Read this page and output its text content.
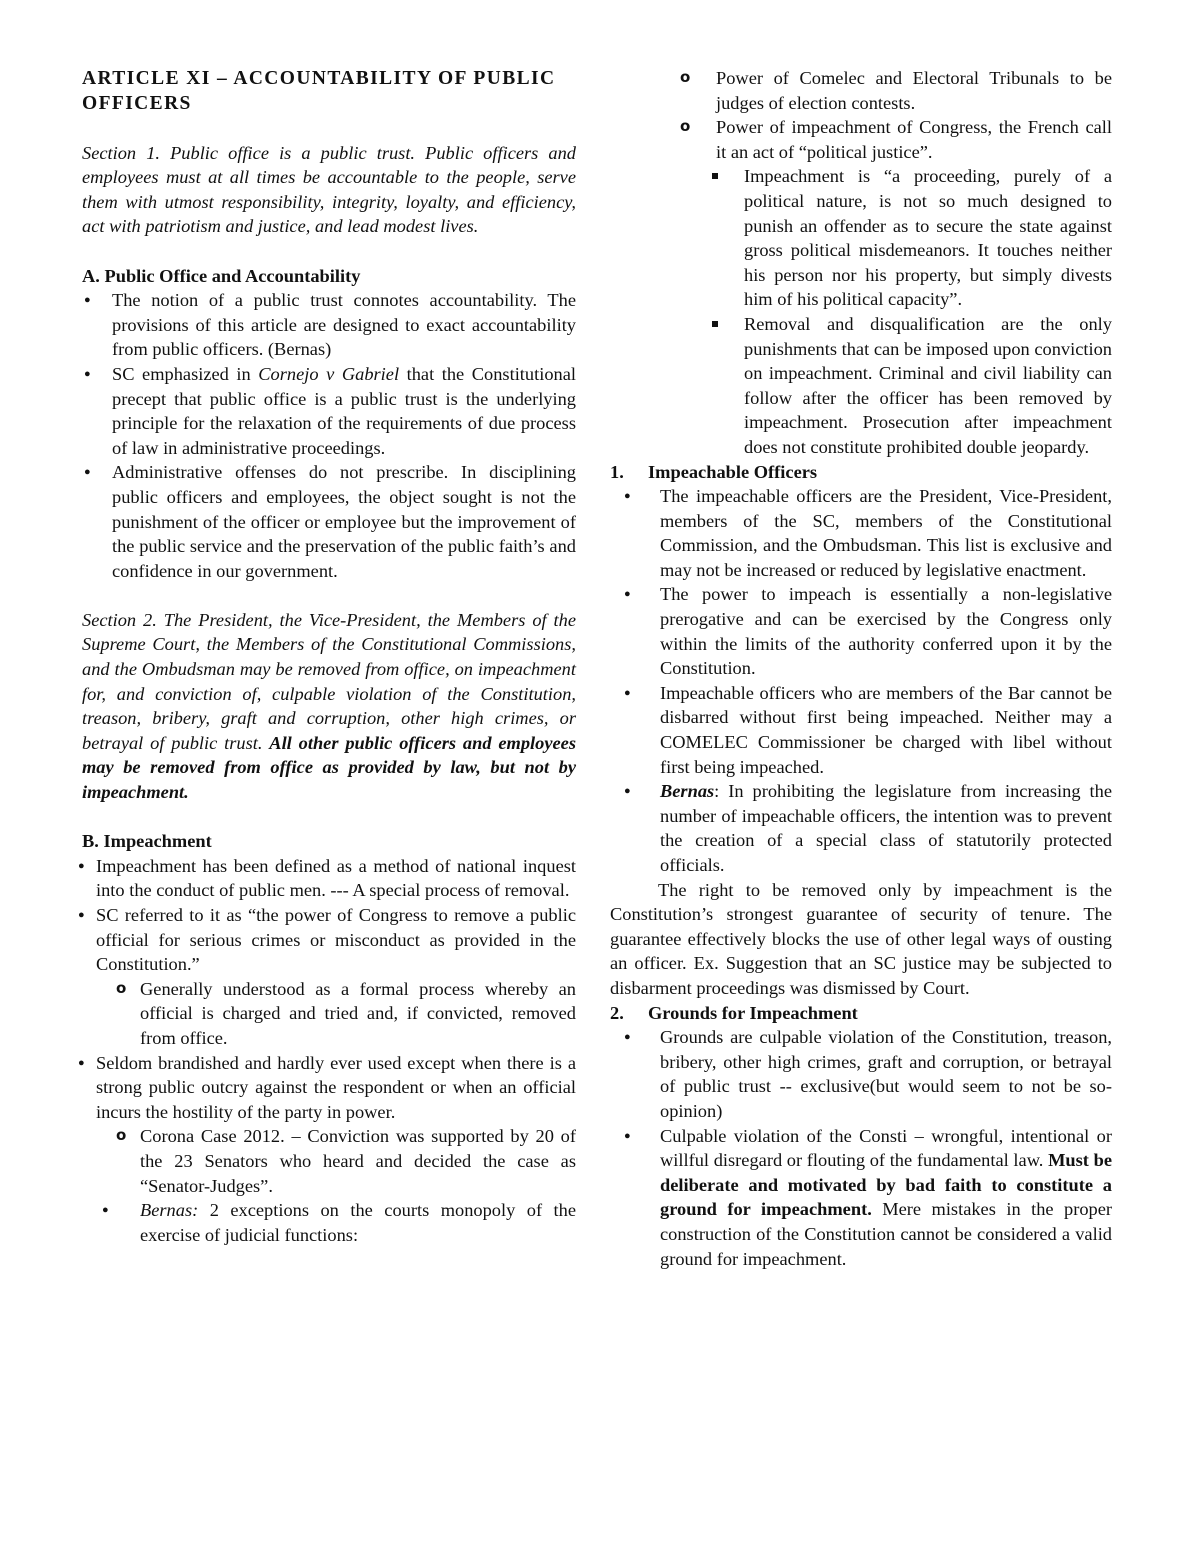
ARTICLE XI – ACCOUNTABILITY OF PUBLIC OFFICERS

Section 1. Public office is a public trust. Public officers and employees must at all times be accountable to the people, serve them with utmost responsibility, integrity, loyalty, and efficiency, act with patriotism and justice, and lead modest lives.

A. Public Office and Accountability
● The notion of a public trust connotes accountability. The provisions of this article are designed to exact accountability from public officers. (Bernas)
● SC emphasized in Cornejo v Gabriel that the Constitutional precept that public office is a public trust is the underlying principle for the relaxation of the requirements of due process of law in administrative proceedings.
● Administrative offenses do not prescribe. In disciplining public officers and employees, the object sought is not the punishment of the officer or employee but the improvement of the public service and the preservation of the public faith’s and confidence in our government.

Section 2. The President, the Vice-President, the Members of the Supreme Court, the Members of the Constitutional Commissions, and the Ombudsman may be removed from office, on impeachment for, and conviction of, culpable violation of the Constitution, treason, bribery, graft and corruption, other high crimes, or betrayal of public trust. All other public officers and employees may be removed from office as provided by law, but not by impeachment.

B. Impeachment
● Impeachment has been defined as a method of national inquest into the conduct of public men. --- A special process of removal.
● SC referred to it as “the power of Congress to remove a public official for serious crimes or misconduct as provided in the Constitution.”
o Generally understood as a formal process whereby an official is charged and tried and, if convicted, removed from office.
● Seldom brandished and hardly ever used except when there is a strong public outcry against the respondent or when an official incurs the hostility of the party in power.
o Corona Case 2012. – Conviction was supported by 20 of the 23 Senators who heard and decided the case as “Senator-Judges”.
● Bernas: 2 exceptions on the courts monopoly of the exercise of judicial functions:
o Power of Comelec and Electoral Tribunals to be judges of election contests.
o Power of impeachment of Congress, the French call it an act of “political justice”.
Impeachment is “a proceeding, purely of a political nature, is not so much designed to punish an offender as to secure the state against gross political misdemeanors. It touches neither his person nor his property, but simply divests him of his political capacity”.
Removal and disqualification are the only punishments that can be imposed upon conviction on impeachment. Criminal and civil liability can follow after the officer has been removed by impeachment. Prosecution after impeachment does not constitute prohibited double jeopardy.
1. Impeachable Officers
● The impeachable officers are the President, Vice-President, members of the SC, members of the Constitutional Commission, and the Ombudsman. This list is exclusive and may not be increased or reduced by legislative enactment.
● The power to impeach is essentially a non-legislative prerogative and can be exercised by the Congress only within the limits of the authority conferred upon it by the Constitution.
● Impeachable officers who are members of the Bar cannot be disbarred without first being impeached. Neither may a COMELEC Commissioner be charged with libel without first being impeached.
● Bernas: In prohibiting the legislature from increasing the number of impeachable officers, the intention was to prevent the creation of a special class of statutorily protected officials.

The right to be removed only by impeachment is the Constitution’s strongest guarantee of security of tenure. The guarantee effectively blocks the use of other legal ways of ousting an officer. Ex. Suggestion that an SC justice may be subjected to disbarment proceedings was dismissed by Court.

2. Grounds for Impeachment
● Grounds are culpable violation of the Constitution, treason, bribery, other high crimes, graft and corruption, or betrayal of public trust -- exclusive(but would seem to not be so-opinion)
● Culpable violation of the Consti – wrongful, intentional or willful disregard or flouting of the fundamental law. Must be deliberate and motivated by bad faith to constitute a ground for impeachment. Mere mistakes in the proper construction of the Constitution cannot be considered a valid ground for impeachment.
